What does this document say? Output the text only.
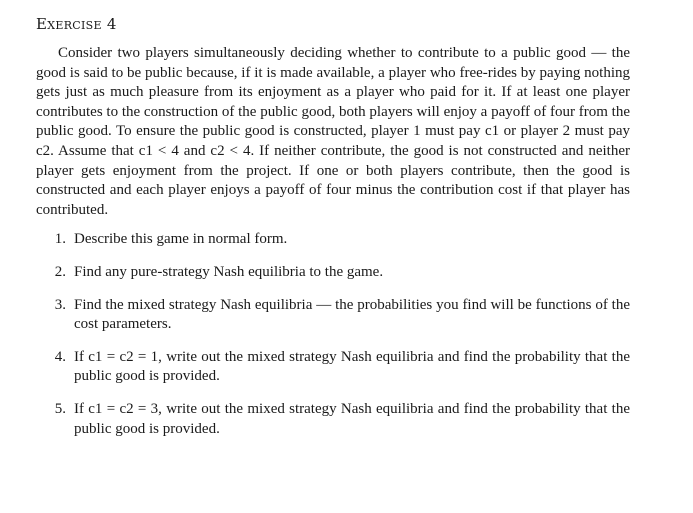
Exercise 4

Consider two players simultaneously deciding whether to contribute to a public good — the good is said to be public because, if it is made available, a player who free-rides by paying nothing gets just as much pleasure from its enjoyment as a player who paid for it. If at least one player contributes to the construction of the public good, both players will enjoy a payoff of four from the public good. To ensure the public good is constructed, player 1 must pay c1 or player 2 must pay c2. Assume that c1 < 4 and c2 < 4. If neither contribute, the good is not constructed and neither player gets enjoyment from the project. If one or both players contribute, then the good is constructed and each player enjoys a payoff of four minus the contribution cost if that player has contributed.

1. Describe this game in normal form.
2. Find any pure-strategy Nash equilibria to the game.
3. Find the mixed strategy Nash equilibria — the probabilities you find will be functions of the cost parameters.
4. If c1 = c2 = 1, write out the mixed strategy Nash equilibria and find the probability that the public good is provided.
5. If c1 = c2 = 3, write out the mixed strategy Nash equilibria and find the probability that the public good is provided.
